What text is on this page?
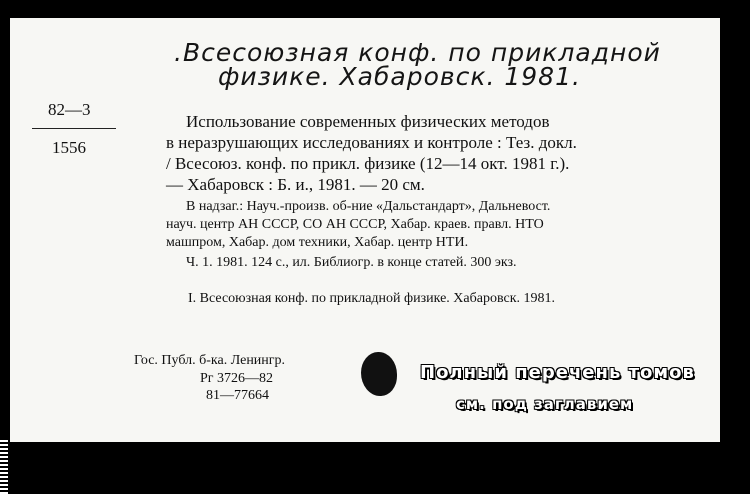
.Всесоюзная конф. по прикладной
физике. Хабаровск. 1981.
82—3
1556
Использование современных физических методов
в неразрушающих исследованиях и контроле : Тез. докл.
/ Всесоюз. конф. по прикл. физике (12—14 окт. 1981 г.).
— Хабаровск : Б. и., 1981. — 20 см.
В надзаг.: Науч.-произв. об-ние «Дальстандарт», Дальневост.
науч. центр АН СССР, СО АН СССР, Хабар. краев. правл. НТО
машпром, Хабар. дом техники, Хабар. центр НТИ.
Ч. 1. 1981. 124 с., ил. Библиогр. в конце статей. 300 экз.
I. Всесоюзная конф. по прикладной физике. Хабаровск. 1981.
Гос. Публ. б-ка. Ленингр.
Рг 3726—82
81—77664
Полный перечень томов
см. под заглавием
